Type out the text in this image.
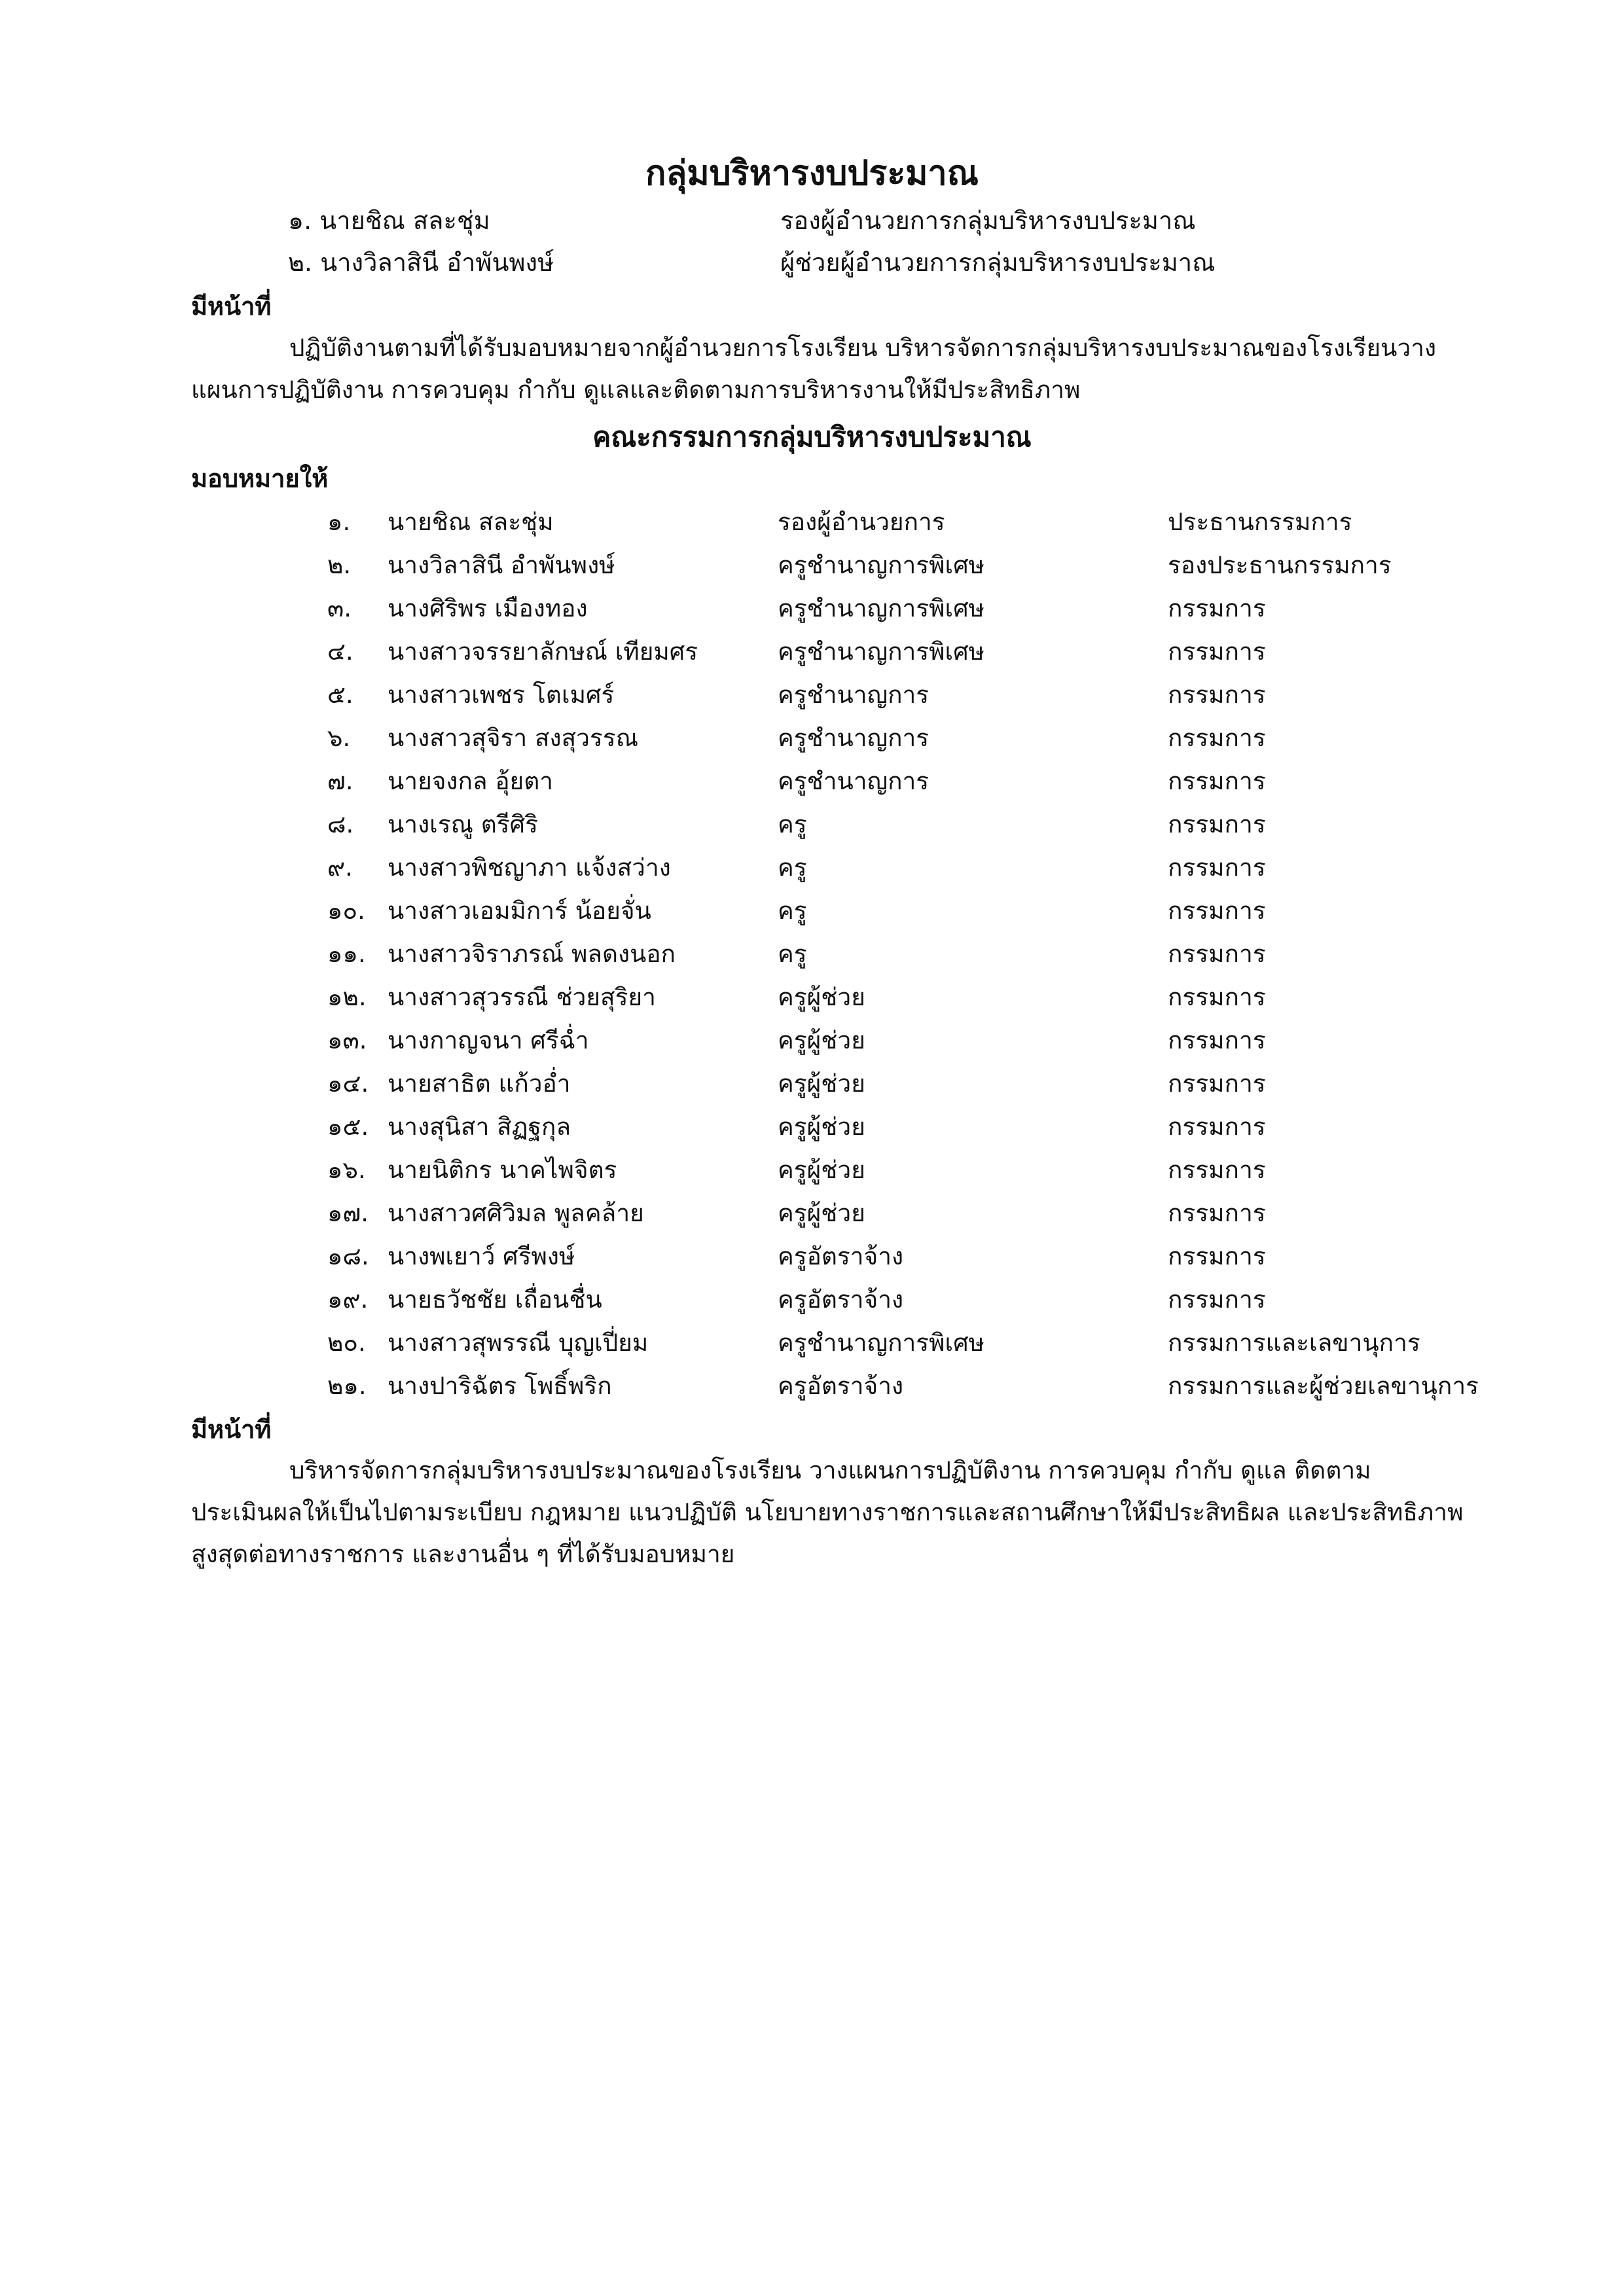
กลุ่มบริหารงบประมาณ
๑. นายชิณ สละชุ่ม	รองผู้อำนวยการกลุ่มบริหารงบประมาณ
๒. นางวิลาสินี อำพันพงษ์	ผู้ช่วยผู้อำนวยการกลุ่มบริหารงบประมาณ
มีหน้าที่
ปฏิบัติงานตามที่ได้รับมอบหมายจากผู้อำนวยการโรงเรียน บริหารจัดการกลุ่มบริหารงบประมาณของโรงเรียนวาง
แผนการปฏิบัติงาน การควบคุม กำกับ ดูแลและติดตามการบริหารงานให้มีประสิทธิภาพ
คณะกรรมการกลุ่มบริหารงบประมาณ
มอบหมายให้
๑. นายชิณ สละชุ่ม	รองผู้อำนวยการ	ประธานกรรมการ
๒. นางวิลาสินี อำพันพงษ์	ครูชำนาญการพิเศษ	รองประธานกรรมการ
๓. นางศิริพร เมืองทอง	ครูชำนาญการพิเศษ	กรรมการ
๔. นางสาวจรรยาลักษณ์ เทียมศร	ครูชำนาญการพิเศษ	กรรมการ
๕. นางสาวเพชร โตเมศร์	ครูชำนาญการ	กรรมการ
๖. นางสาวสุจิรา สงสุวรรณ	ครูชำนาญการ	กรรมการ
๗. นายจงกล อุ้ยตา	ครูชำนาญการ	กรรมการ
๘. นางเรณู ตรีศิริ	ครู	กรรมการ
๙. นางสาวพิชญาภา แจ้งสว่าง	ครู	กรรมการ
๑๐. นางสาวเอมมิการ์ น้อยจั่น	ครู	กรรมการ
๑๑. นางสาวจิราภรณ์ พลดงนอก	ครู	กรรมการ
๑๒. นางสาวสุวรรณี ช่วยสุริยา	ครูผู้ช่วย	กรรมการ
๑๓. นางกาญจนา ศรีฉ่ำ	ครูผู้ช่วย	กรรมการ
๑๔. นายสาธิต แก้วอ่ำ	ครูผู้ช่วย	กรรมการ
๑๕. นางสุนิสา สิฏฐกุล	ครูผู้ช่วย	กรรมการ
๑๖. นายนิติกร นาคไพจิตร	ครูผู้ช่วย	กรรมการ
๑๗. นางสาวศศิวิมล พูลคล้าย	ครูผู้ช่วย	กรรมการ
๑๘. นางพเยาว์ ศรีพงษ์	ครูอัตราจ้าง	กรรมการ
๑๙. นายธวัชชัย เถื่อนชื่น	ครูอัตราจ้าง	กรรมการ
๒๐. นางสาวสุพรรณี บุญเปี่ยม	ครูชำนาญการพิเศษ	กรรมการและเลขานุการ
๒๑. นางปาริฉัตร โพธิ์พริก	ครูอัตราจ้าง	กรรมการและผู้ช่วยเลขานุการ
มีหน้าที่
บริหารจัดการกลุ่มบริหารงบประมาณของโรงเรียน วางแผนการปฏิบัติงาน การควบคุม กำกับ ดูแล ติดตาม
ประเมินผลให้เป็นไปตามระเบียบ กฎหมาย แนวปฏิบัติ นโยบายทางราชการและสถานศึกษาให้มีประสิทธิผล และประสิทธิภาพ
สูงสุดต่อทางราชการ และงานอื่น ๆ ที่ได้รับมอบหมาย
